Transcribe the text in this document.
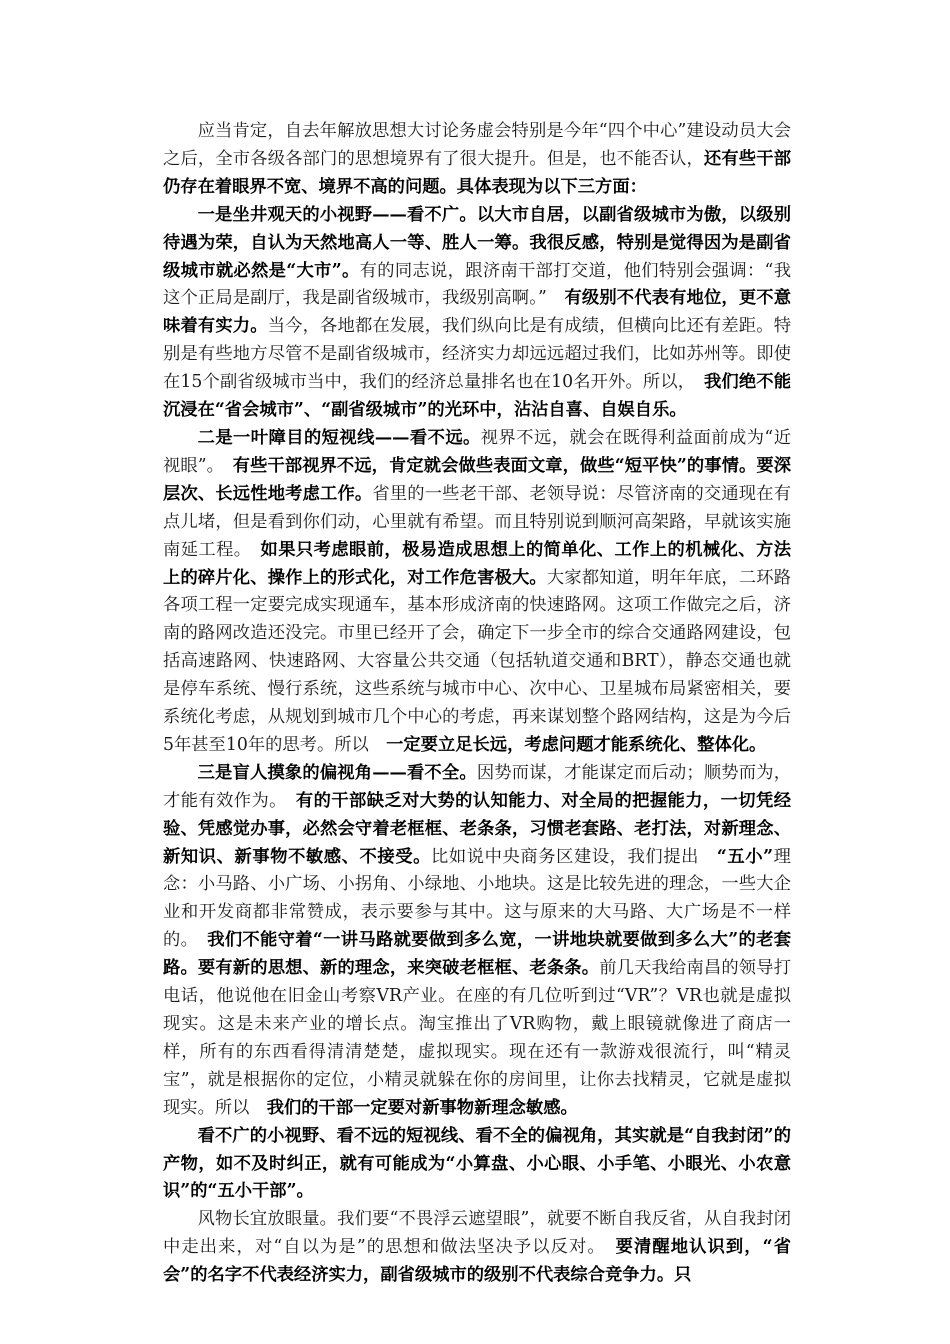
应当肯定，自去年解放思想大讨论务虚会特别是今年“四个中心”建设动员大会之后，全市各级各部门的思想境界有了很大提升。但是，也不能否认，还有些干部仍存在着眼界不宽、境界不高的问题。具体表现为以下三方面：

一是坐井观天的小视野——看不广。以大市自居，以副省级城市为傲，以级别待遇为荣，自认为天然地高人一等、胜人一筹。我很反感，特别是觉得因为是副省级城市就必然是“大市”。有的同志说，跟济南干部打交道，他们特别会强调：“我这个正局是副厅，我是副省级城市，我级别高啊。”　有级别不代表有地位，更不意味着有实力。当今，各地都在发展，我们纵向比是有成绩，但横向比还有差距。特别是有些地方尽管不是副省级城市，经济实力却远远超过我们，比如苏州等。即使在15个副省级城市当中，我们的经济总量排名也在10名开外。所以，　我们绝不能沉浸在“省会城市”、“副省级城市”的光环中，沾沾自喜、自娱自乐。

二是一叶障目的短视线——看不远。视界不远，就会在既得利益面前成为“近视眼”。　有些干部视界不远，肯定就会做些表面文章，做些“短平快”的事情。要深层次、长远性地考虑工作。省里的一些老干部、老领导说：尽管济南的交通现在有点儿堵，但是看到你们动，心里就有希望。而且特别说到顺河高架路，早就该实施南延工程。　如果只考虑眼前，极易造成思想上的简单化、工作上的机械化、方法上的碎片化、操作上的形式化，对工作危害极大。大家都知道，明年年底，二环路各项工程一定要完成实现通车，基本形成济南的快速路网。这项工作做完之后，济南的路网改造还没完。市里已经开了会，确定下一步全市的综合交通路网建设，包括高速路网、快速路网、大容量公共交通（包括轨道交通和BRT），静态交通也就是停车系统、慢行系统，这些系统与城市中心、次中心、卫星城布局紧密相关，要系统化考虑，从规划到城市几个中心的考虑，再来谋划整个路网结构，这是为今后5年甚至10年的思考。所以　一定要立足长远，考虑问题才能系统化、整体化。

三是盲人摸象的偏视角——看不全。因势而谋，才能谋定而后动；顺势而为，才能有效作为。　有的干部缺乏对大势的认知能力、对全局的把握能力，一切凭经验、凭感觉办事，必然会守着老框框、老条条，习惯老套路、老打法，对新理念、新知识、新事物不敏感、不接受。比如说中央商务区建设，我们提出　“五小”理念：小马路、小广场、小拐角、小绿地、小地块。这是比较先进的理念，一些大企业和开发商都非常赞成，表示要参与其中。这与原来的大马路、大广场是不一样的。　我们不能守着“一讲马路就要做到多么宽，一讲地块就要做到多么大”的老套路。要有新的思想、新的理念，来突破老框框、老条条。前几天我给南昌的领导打电话，他说他在旧金山考察VR产业。在座的有几位听到过“VR”？VR也就是虚拟现实。这是未来产业的增长点。淘宝推出了VR购物，戴上眼镜就像进了商店一样，所有的东西看得清清楚楚，虚拟现实。现在还有一款游戏很流行，叫“精灵宝”，就是根据你的定位，小精灵就躲在你的房间里，让你去找精灵，它就是虚拟现实。所以　我们的干部一定要对新事物新理念敏感。

看不广的小视野、看不远的短视线、看不全的偏视角，其实就是“自我封闭”的产物，如不及时纠正，就有可能成为“小算盘、小心眼、小手笔、小眼光、小农意识”的“五小干部”。

风物长宜放眼量。我们要“不畏浮云遮望眼”，就要不断自我反省，从自我封闭中走出来，对“自以为是”的思想和做法坚决予以反对。　要清醒地认识到，“省会”的名字不代表经济实力，副省级城市的级别不代表综合竞争力。只
